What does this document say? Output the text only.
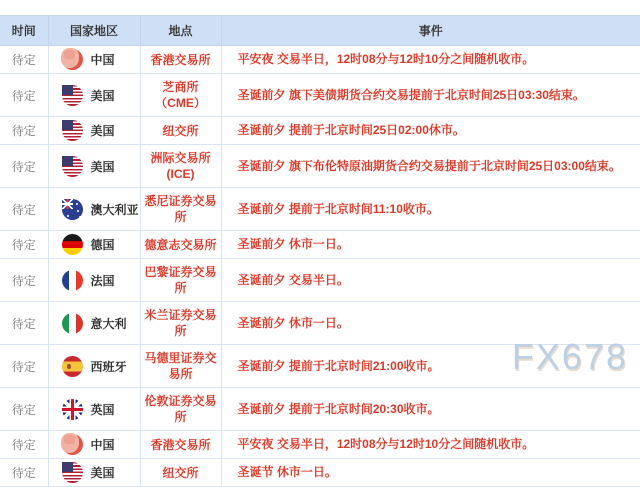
时间	国家地区	地点	事件
待定	中国	香港交易所	平安夜 交易半日，12时08分与12时10分之间随机收市。
待定	美国	芝商所（CME）	圣诞前夕 旗下美债期货合约交易提前于北京时间25日03:30结束。
待定	美国	纽交所	圣诞前夕 提前于北京时间25日02:00休市。
待定	美国	洲际交易所 (ICE)	圣诞前夕 旗下布伦特原油期货合约交易提前于北京时间25日03:00结束。
待定	澳大利亚	悉尼证券交易所	圣诞前夕 提前于北京时间11:10收市。
待定	德国	德意志交易所	圣诞前夕 休市一日。
待定	法国	巴黎证券交易所	圣诞前夕 交易半日。
待定	意大利	米兰证券交易所	圣诞前夕 休市一日。
待定	西班牙	马德里证券交易所	圣诞前夕 提前于北京时间21:00收市。
待定	英国	伦敦证券交易所	圣诞前夕 提前于北京时间20:30收市。
待定	中国	香港交易所	平安夜 交易半日，12时08分与12时10分之间随机收市。
待定	美国	纽交所	圣诞节 休市一日。
FX678
